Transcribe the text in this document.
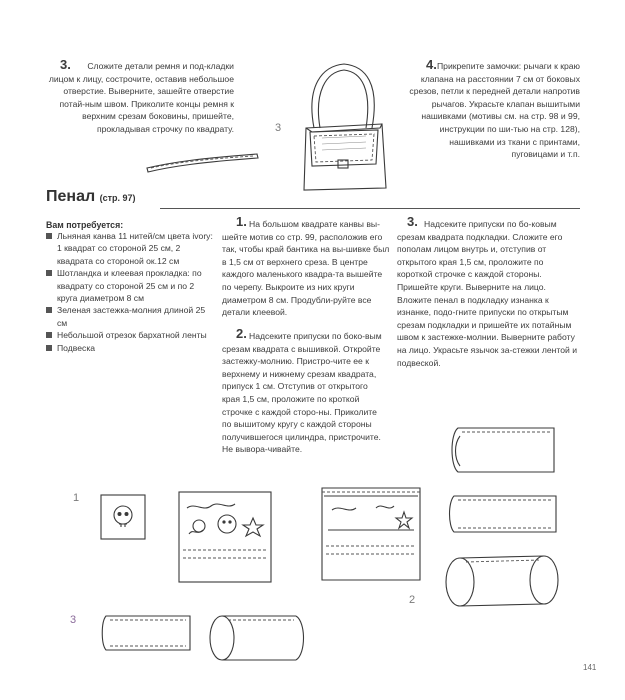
3. Сложите детали ремня и под-кладки лицом к лицу, сострочите, оставив небольшое отверстие. Выверните, зашейте отверстие потай-ным швом. Приколите концы ремня к верхним срезам боковины, пришейте, прокладывая строчку по квадрату.	3
4. Прикрепите замочки: рычаги к краю клапана на расстоянии 7 см от боковых срезов, петли к передней детали напротив рычагов. Украсьте клапан вышитыми нашивками (мотивы см. на стр. 98 и 99, инструкции по ши-тью на стр. 128), нашивками из ткани с принтами, пуговицами и т.п.
Пенал (стр. 97)
Вам потребуется:
Льняная канва 11 нитей/см цвета ivory: 1 квадрат со стороной 25 см, 2 квадрата со стороной ок.12 см
Шотландка и клеевая прокладка: по квадрату со стороной 25 см и по 2 круга диаметром 8 см
Зеленая застежка-молния длиной 25 см
Небольшой отрезок бархатной ленты
Подвеска
1. На большом квадрате канвы вы-шейте мотив со стр. 99, расположив его так, чтобы край бантика на вы-шивке был в 1,5 см от верхнего среза. В центре каждого маленького квадра-та вышейте по черепу. Выкроите из них круги диаметром 8 см. Продубли-руйте все детали клеевой.
2. Надсеките припуски по боко-вым срезам квадрата с вышивкой. Откройте застежку-молнию. Пристро-чите ее к верхнему и нижнему срезам квадрата, припуск 1 см. Отступив от открытого края 1,5 см, проложите по кроткой строчке с каждой сторо-ны. Приколите по вышитому кругу с каждой стороны получившегося цилиндра, пристрочите. Не вывора-чивайте.
3. Надсеките припуски по бо-ковым срезам квадрата подкладки. Сложите его пополам лицом внутрь и, отступив от открытого края 1,5 см, проложите по короткой строчке с каждой стороны. Пришейте круги. Выверните на лицо. Вложите пенал в подкладку изнанка к изнанке, подо-гните припуски по открытым срезам подкладки и пришейте их потайным швом к застежке-молнии. Выверните работу на лицо. Украсьте язычок за-стежки лентой и подвеской.
1
2
3
141
